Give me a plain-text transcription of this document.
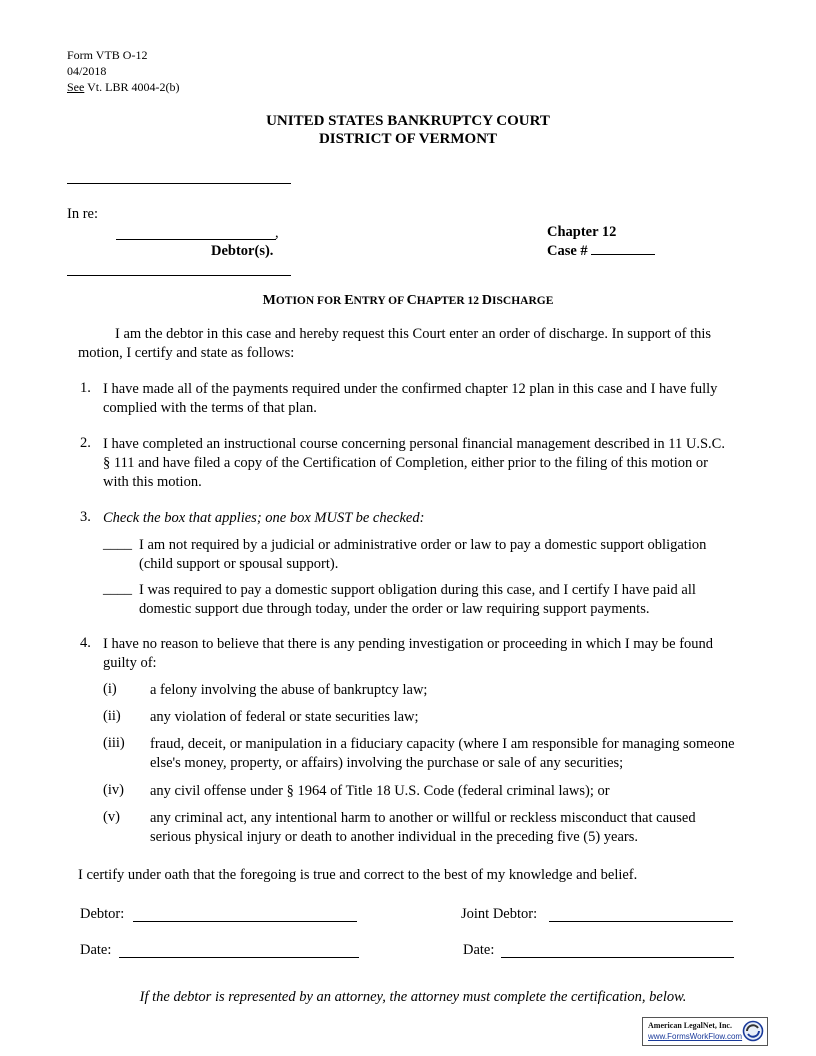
Form VTB O-12
04/2018
See Vt. LBR 4004-2(b)
UNITED STATES BANKRUPTCY COURT
DISTRICT OF VERMONT
In re:
,
Debtor(s).
Chapter 12
Case #
MOTION FOR ENTRY OF CHAPTER 12 DISCHARGE
I am the debtor in this case and hereby request this Court enter an order of discharge. In support of this motion, I certify and state as follows:
1. I have made all of the payments required under the confirmed chapter 12 plan in this case and I have fully complied with the terms of that plan.
2. I have completed an instructional course concerning personal financial management described in 11 U.S.C. § 111 and have filed a copy of the Certification of Completion, either prior to the filing of this motion or with this motion.
3. Check the box that applies; one box MUST be checked:
____ I am not required by a judicial or administrative order or law to pay a domestic support obligation (child support or spousal support).
____ I was required to pay a domestic support obligation during this case, and I certify I have paid all domestic support due through today, under the order or law requiring support payments.
4. I have no reason to believe that there is any pending investigation or proceeding in which I may be found guilty of:
(i) a felony involving the abuse of bankruptcy law;
(ii) any violation of federal or state securities law;
(iii) fraud, deceit, or manipulation in a fiduciary capacity (where I am responsible for managing someone else's money, property, or affairs) involving the purchase or sale of any securities;
(iv) any civil offense under § 1964 of Title 18 U.S. Code (federal criminal laws); or
(v) any criminal act, any intentional harm to another or willful or reckless misconduct that caused serious physical injury or death to another individual in the preceding five (5) years.
I certify under oath that the foregoing is true and correct to the best of my knowledge and belief.
Debtor:	Joint Debtor:
Date:	Date:
If the debtor is represented by an attorney, the attorney must complete the certification, below.
American LegalNet, Inc.
www.FormsWorkFlow.com
